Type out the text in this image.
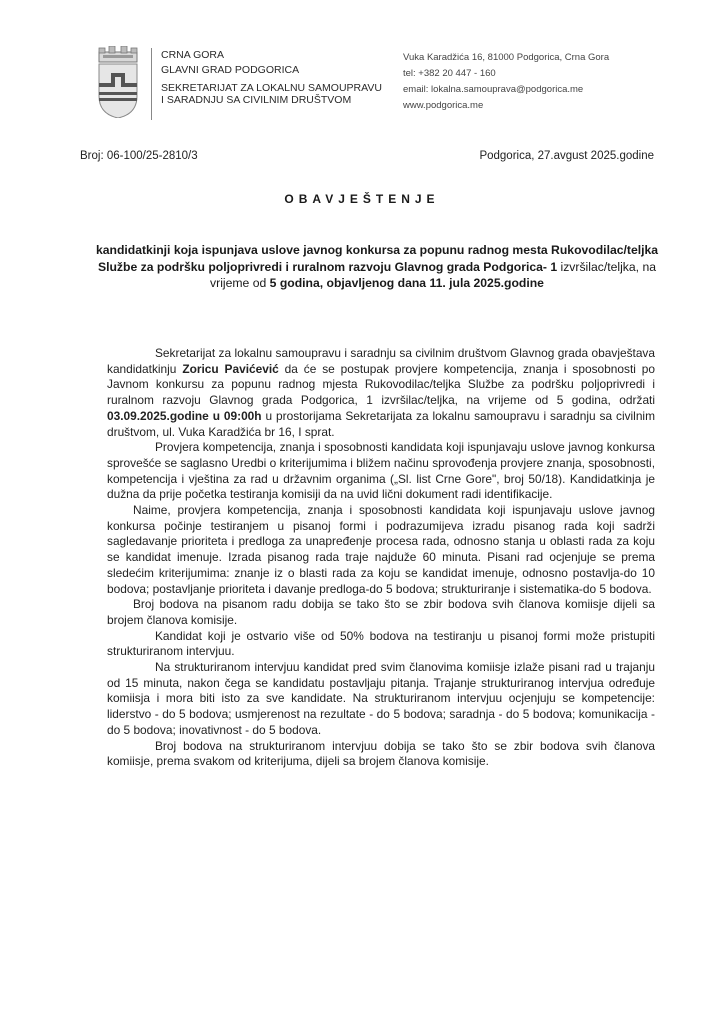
CRNA GORA
GLAVNI GRAD PODGORICA
SEKRETARIJAT ZA LOKALNU SAMOUPRAVU
I SARADNJU SA CIVILNIM DRUŠTVOM
Vuka Karadžića 16, 81000 Podgorica, Crna Gora
tel: +382 20 447 - 160
email: lokalna.samouprava@podgorica.me
www.podgorica.me
Broj: 06-100/25-2810/3	Podgorica, 27.avgust 2025.godine
OBAVJEŠTENJE
kandidatkinji koja ispunjava uslove javnog konkursa za popunu radnog mesta Rukovodilac/teljka Službe za podršku poljoprivredi i ruralnom razvoju Glavnog grada Podgorica- 1 izvršilac/teljka, na vrijeme od 5 godina, objavljenog dana 11. jula 2025.godine

Sekretarijat za lokalnu samoupravu i saradnju sa civilnim društvom Glavnog grada obavještava kandidatkinju Zoricu Pavićević da će se postupak provjere kompetencija, znanja i sposobnosti po Javnom konkursu za popunu radnog mjesta Rukovodilac/teljka Službe za podršku poljoprivredi i ruralnom razvoju Glavnog grada Podgorica, 1 izvršilac/teljka, na vrijeme od 5 godina, održati 03.09.2025.godine u 09:00h u prostorijama Sekretarijata za lokalnu samoupravu i saradnju sa civilnim društvom, ul. Vuka Karadžića br 16, I sprat.

Provjera kompetencija, znanja i sposobnosti kandidata koji ispunjavaju uslove javnog konkursa sprovešće se saglasno Uredbi o kriterijumima i bližem načinu sprovođenja provjere znanja, sposobnosti, kompetencija i vještina za rad u državnim organima („Sl. list Crne Gore", broj 50/18). Kandidatkinja je dužna da prije početka testiranja komisiji da na uvid lični dokument radi identifikacije.

Naime, provjera kompetencija, znanja i sposobnosti kandidata koji ispunjavaju uslove javnog konkursa počinje testiranjem u pisanoj formi i podrazumijeva izradu pisanog rada koji sadrži sagledavanje prioriteta i predloga za unapređenje procesa rada, odnosno stanja u oblasti rada za koju se kandidat imenuje. Izrada pisanog rada traje najduže 60 minuta. Pisani rad ocjenjuje se prema sledećim kriterijumima: znanje iz o blasti rada za koju se kandidat imenuje, odnosno postavlja-do 10 bodova; postavljanje prioriteta i davanje predloga-do 5 bodova; strukturiranje i sistematika-do 5 bodova.

Broj bodova na pisanom radu dobija se tako što se zbir bodova svih članova komiisje dijeli sa brojem članova komisije.

Kandidat koji je ostvario više od 50% bodova na testiranju u pisanoj formi može pristupiti strukturiranom intervjuu.

Na strukturiranom intervjuu kandidat pred svim članovima komiisje izlaže pisani rad u trajanju od 15 minuta, nakon čega se kandidatu postavljaju pitanja. Trajanje strukturiranog intervjua određuje komiisja i mora biti isto za sve kandidate. Na strukturiranom intervjuu ocjenjuju se kompetencije: liderstvo - do 5 bodova; usmjerenost na rezultate - do 5 bodova; saradnja - do 5 bodova; komunikacija - do 5 bodova; inovativnost - do 5 bodova.

Broj bodova na strukturiranom intervjuu dobija se tako što se zbir bodova svih članova komiisje, prema svakom od kriterijuma, dijeli sa brojem članova komisije.
